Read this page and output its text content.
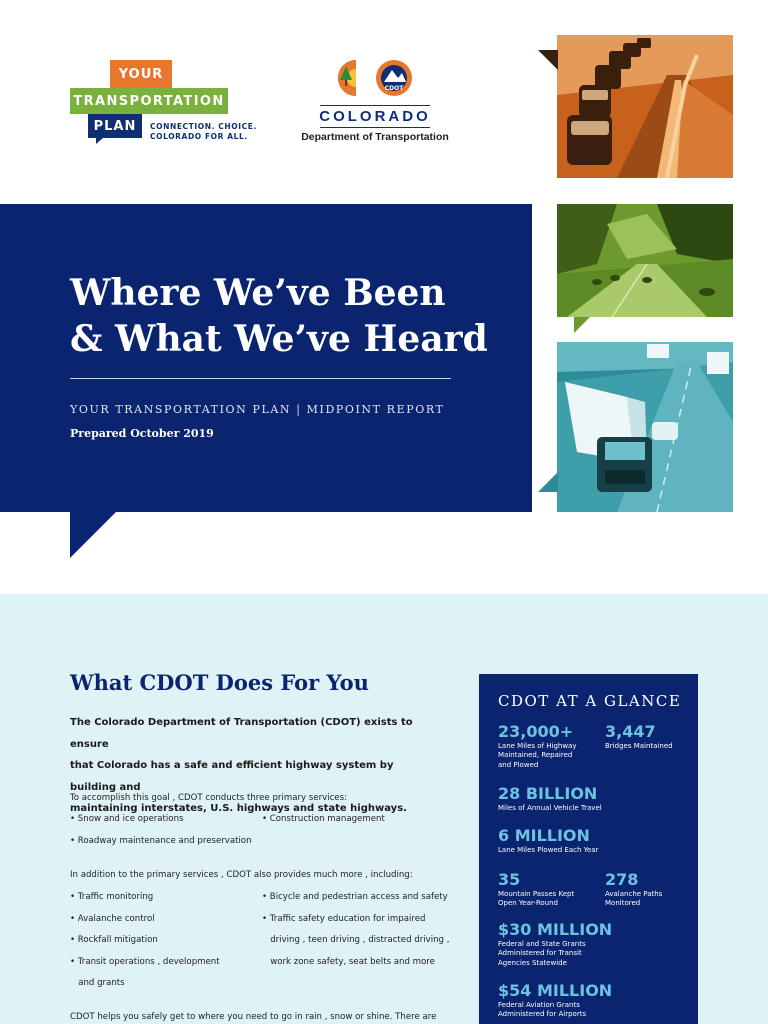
YOUR
TRANSPORTATION
PLAN	CONNECTION. CHOICE.
COLORADO FOR ALL.
CDOT
COLORADO
Department of Transportation
Where We’ve Been
& What We’ve Heard
YOUR TRANSPORTATION PLAN | MIDPOINT REPORT
Prepared October 2019
What CDOT Does For You
The Colorado Department of Transportation (CDOT) exists to ensure
that Colorado has a safe and efficient highway system by building and
maintaining interstates, U.S. highways and state highways.
To accomplish this goal , CDOT conducts three primary services:
• Snow and ice operations
• Roadway maintenance and preservation
• Construction management
In addition to the primary services , CDOT also provides much more , including:
• Traffic monitoring
• Avalanche control
• Rockfall mitigation
• Transit operations , development
and grants
• Bicycle and pedestrian access and safety
• Traffic safety education for impaired
driving , teen driving , distracted driving ,
work zone safety, seat belts and more
CDOT helps you safely get to where you need to go in rain , snow or shine. There are
CDOT AT A GLANCE
23,000+
Lane Miles of Highway
Maintained, Repaired
and Plowed
3,447
Bridges Maintained
28 BILLION
Miles of Annual Vehicle Travel
6 MILLION
Lane Miles Plowed Each Year
35
Mountain Passes Kept
Open Year-Round
278
Avalanche Paths
Monitored
$30 MILLION
Federal and State Grants
Administered for Transit
Agencies Statewide
$54 MILLION
Federal Aviation Grants
Administered for Airports
